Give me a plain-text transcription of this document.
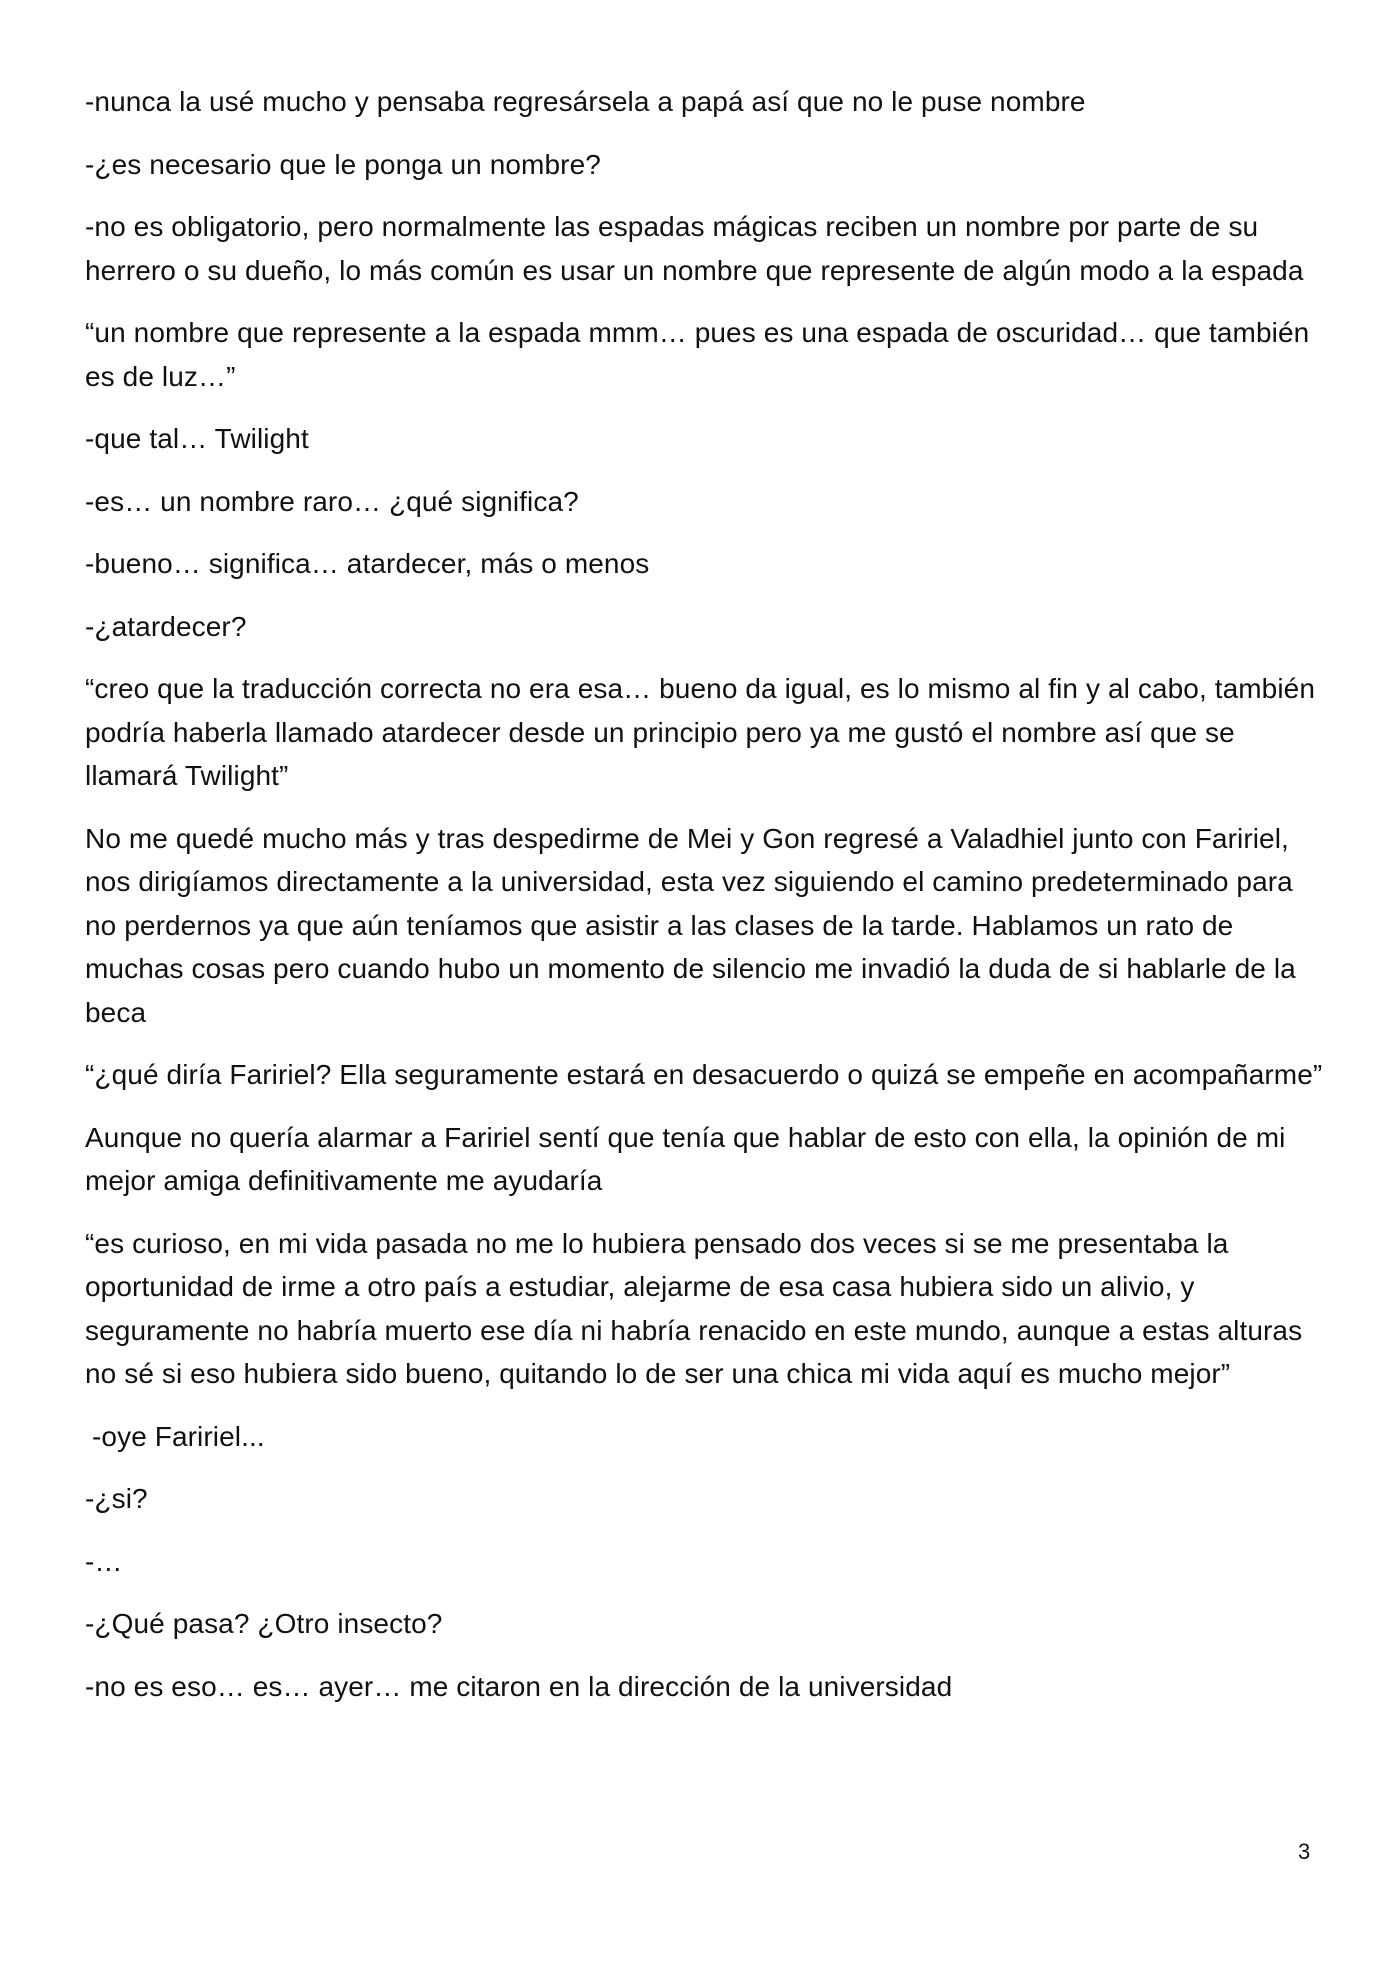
-nunca la usé mucho y pensaba regresársela a papá así que no le puse nombre

-¿es necesario que le ponga un nombre?

-no es obligatorio, pero normalmente las espadas mágicas reciben un nombre por parte de su herrero o su dueño, lo más común es usar un nombre que represente de algún modo a la espada

“un nombre que represente a la espada mmm… pues es una espada de oscuridad… que también es de luz…”

-que tal… Twilight

-es… un nombre raro… ¿qué significa?

-bueno… significa… atardecer, más o menos

-¿atardecer?

“creo que la traducción correcta no era esa… bueno da igual, es lo mismo al fin y al cabo, también podría haberla llamado atardecer desde un principio pero ya me gustó el nombre así que se llamará Twilight”

No me quedé mucho más y tras despedirme de Mei y Gon regresé a Valadhiel junto con Faririel, nos dirigíamos directamente a la universidad, esta vez siguiendo el camino predeterminado para no perdernos ya que aún teníamos que asistir a las clases de la tarde. Hablamos un rato de muchas cosas pero cuando hubo un momento de silencio me invadió la duda de si hablarle de la beca

“¿qué diría Faririel? Ella seguramente estará en desacuerdo o quizá se empeñe en acompañarme”

Aunque no quería alarmar a Faririel sentí que tenía que hablar de esto con ella, la opinión de mi mejor amiga definitivamente me ayudaría

“es curioso, en mi vida pasada no me lo hubiera pensado dos veces si se me presentaba la oportunidad de irme a otro país a estudiar, alejarme de esa casa hubiera sido un alivio, y seguramente no habría muerto ese día ni habría renacido en este mundo, aunque a estas alturas no sé si eso hubiera sido bueno, quitando lo de ser una chica mi vida aquí es mucho mejor”

-oye Faririel...

-¿si?

-…

-¿Qué pasa? ¿Otro insecto?

-no es eso… es… ayer… me citaron en la dirección de la universidad

3
